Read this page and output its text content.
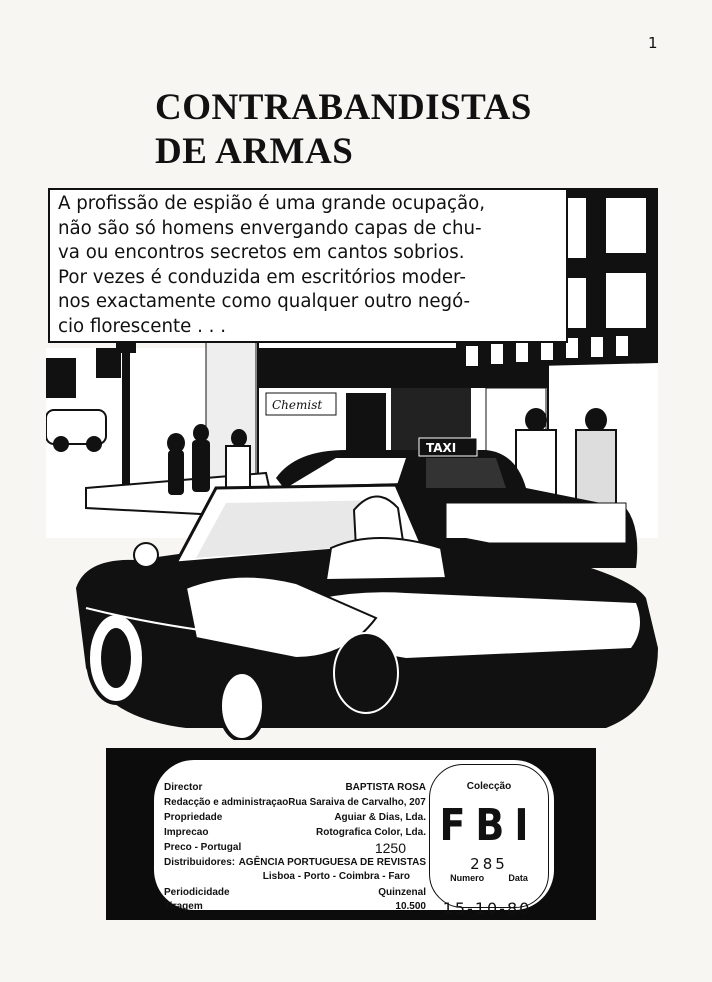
1
CONTRABANDISTAS
DE ARMAS
Chemist
TAXI
A profissão de espião é uma grande ocupação,
não são só homens envergando capas de chu-
va ou encontros secretos em cantos sobrios.
Por vezes é conduzida em escritórios moder-
nos exactamente como qualquer outro negó-
cio florescente . . .
Director	BAPTISTA ROSA
Redacção e administraçao Rua Saraiva de Carvalho, 207
Propriedade	Aguiar & Dias, Lda.
Imprecao	Rotografica Color, Lda.
Preco - Portugal	1250
Distribuidores: AGÊNCIA PORTUGUESA DE REVISTAS
Lisboa - Porto - Coimbra - Faro
Periodicidade	Quinzenal
Tiragem	10.500
Colecção
FBI
285
Numero	Data
15-10-80
